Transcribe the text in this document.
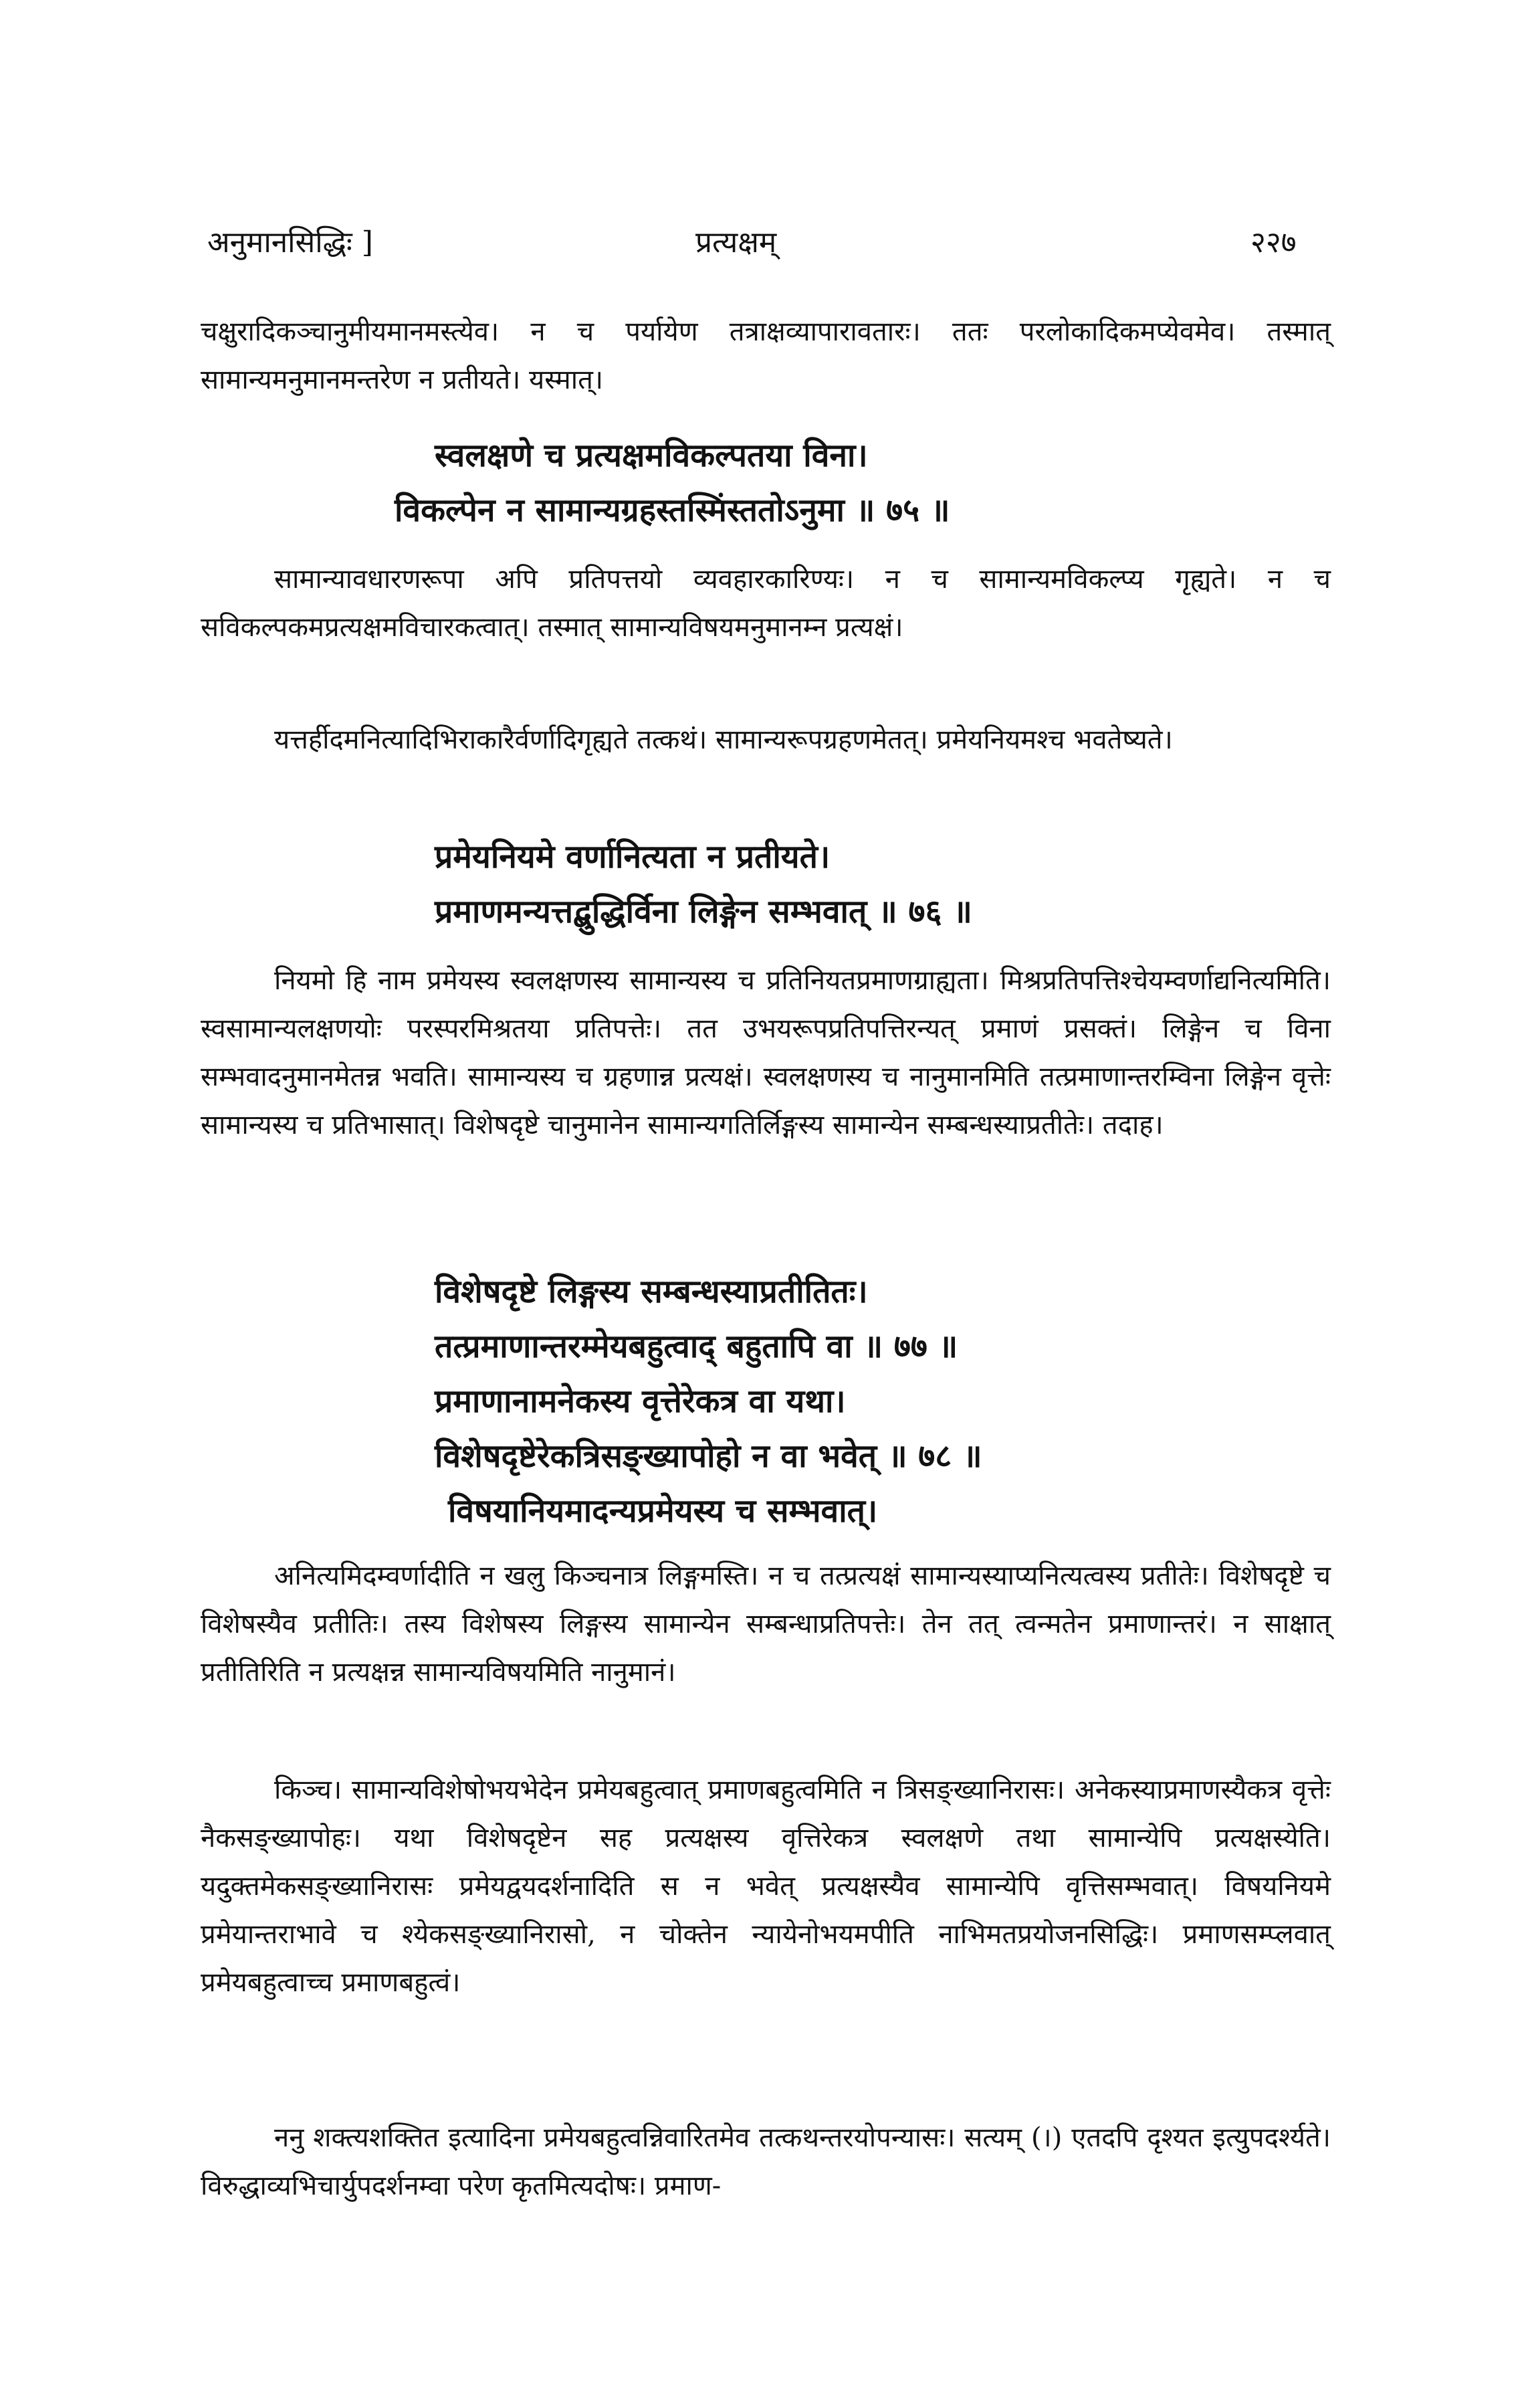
अनुमानसिद्धिः ]	प्रत्यक्षम्	२२७

चक्षुरादिकञ्चानुमीयमानमस्त्येव। न च पर्यायेण तत्राक्षव्यापारावतारः। ततः परलोकादिकमप्येवमेव। तस्मात् सामान्यमनुमानमन्तरेण न प्रतीयते। यस्मात्।

स्वलक्षणे च प्रत्यक्षमविकल्पतया विना।
विकल्पेन न सामान्यग्रहस्तस्मिंस्ततोऽनुमा ॥ ७५ ॥

सामान्यावधारणरूपा अपि प्रतिपत्तयो व्यवहारकारिण्यः। न च सामान्यमविकल्प्य गृह्यते। न च सविकल्पकमप्रत्यक्षमविचारकत्वात्। तस्मात् सामान्यविषयमनुमानम्न प्रत्यक्षं।

यत्तर्हीदमनित्यादिभिराकारैर्वर्णादिगृह्यते तत्कथं। सामान्यरूपग्रहणमेतत्। प्रमेयनियमश्च भवतेष्यते।

प्रमेयनियमे वर्णानित्यता न प्रतीयते।
प्रमाणमन्यत्तद्बुद्धिर्विना लिङ्गेन सम्भवात् ॥ ७६ ॥

नियमो हि नाम प्रमेयस्य स्वलक्षणस्य सामान्यस्य च प्रतिनियतप्रमाणग्राह्यता। मिश्रप्रतिपत्तिश्चेयम्वर्णाद्यनित्यमिति। स्वसामान्यलक्षणयोः परस्परमिश्रतया प्रतिपत्तेः। तत उभयरूपप्रतिपत्तिरन्यत् प्रमाणं प्रसक्तं। लिङ्गेन च विना सम्भवादनुमानमेतन्न भवति। सामान्यस्य च ग्रहणान्न प्रत्यक्षं। स्वलक्षणस्य च नानुमानमिति तत्प्रमाणान्तरम्विना लिङ्गेन वृत्तेः सामान्यस्य च प्रतिभासात्। विशेषदृष्टे चानुमानेन सामान्यगतिर्लिङ्गस्य सामान्येन सम्बन्धस्याप्रतीतेः। तदाह।

विशेषदृष्टे लिङ्गस्य सम्बन्धस्याप्रतीतितः।
तत्प्रमाणान्तरम्मेयबहुत्वाद् बहुतापि वा ॥ ७७ ॥
प्रमाणानामनेकस्य वृत्तेरेकत्र वा यथा।
विशेषदृष्टेरेकत्रिसङ्ख्यापोहो न वा भवेत् ॥ ७८ ॥
विषयानियमादन्यप्रमेयस्य च सम्भवात्।

अनित्यमिदम्वर्णादीति न खलु किञ्चनात्र लिङ्गमस्ति। न च तत्प्रत्यक्षं सामान्यस्याप्यनित्यत्वस्य प्रतीतेः। विशेषदृष्टे च विशेषस्यैव प्रतीतिः। तस्य विशेषस्य लिङ्गस्य सामान्येन सम्बन्धाप्रतिपत्तेः। तेन तत् त्वन्मतेन प्रमाणान्तरं। न साक्षात् प्रतीतिरिति न प्रत्यक्षन्न सामान्यविषयमिति नानुमानं।

किञ्च। सामान्यविशेषोभयभेदेन प्रमेयबहुत्वात् प्रमाणबहुत्वमिति न त्रिसङ्ख्यानिरासः। अनेकस्याप्रमाणस्यैकत्र वृत्तेः नैकसङ्ख्यापोहः। यथा विशेषदृष्टेन सह प्रत्यक्षस्य वृत्तिरेकत्र स्वलक्षणे तथा सामान्येपि प्रत्यक्षस्येति। यदुक्तमेकसङ्ख्यानिरासः प्रमेयद्वयदर्शनादिति स न भवेत् प्रत्यक्षस्यैव सामान्येपि वृत्तिसम्भवात्। विषयनियमे प्रमेयान्तराभावे च श्येकसङ्ख्यानिरासो, न चोक्तेन न्यायेनोभयमपीति नाभिमतप्रयोजनसिद्धिः। प्रमाणसम्प्लवात् प्रमेयबहुत्वाच्च प्रमाणबहुत्वं।

ननु शक्त्यशक्तित इत्यादिना प्रमेयबहुत्वन्निवारितमेव तत्कथन्तरयोपन्यासः। सत्यम् (।) एतदपि दृश्यत इत्युपदर्श्यते। विरुद्धाव्यभिचार्युपदर्शनम्वा परेण कृतमित्यदोषः। प्रमाण-
